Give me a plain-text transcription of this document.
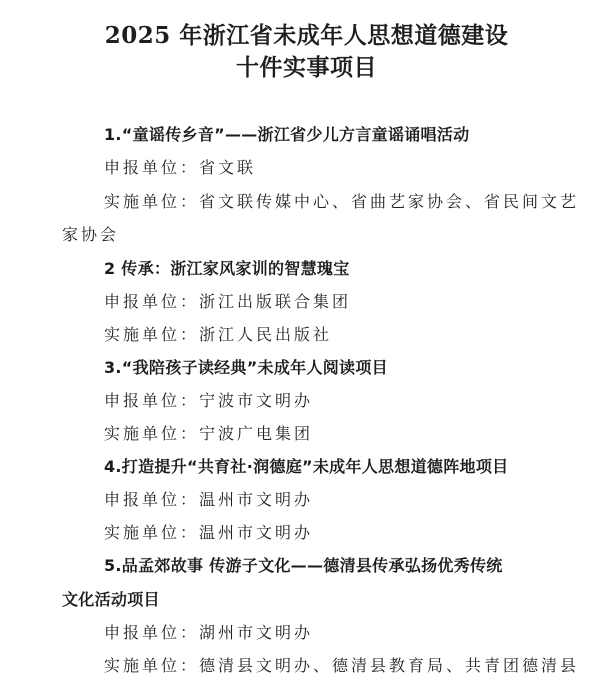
2025 年浙江省未成年人思想道德建设
十件实事项目
1.“童谣传乡音”——浙江省少儿方言童谣诵唱活动
申报单位：省文联
实施单位：省文联传媒中心、省曲艺家协会、省民间文艺
家协会
2 传承：浙江家风家训的智慧瑰宝
申报单位：浙江出版联合集团
实施单位：浙江人民出版社
3.“我陪孩子读经典”未成年人阅读项目
申报单位：宁波市文明办
实施单位：宁波广电集团
4.打造提升“共育社·润德庭”未成年人思想道德阵地项目
申报单位：温州市文明办
实施单位：温州市文明办
5.品孟郊故事 传游子文化——德清县传承弘扬优秀传统
文化活动项目
申报单位：湖州市文明办
实施单位：德清县文明办、德清县教育局、共青团德清县
